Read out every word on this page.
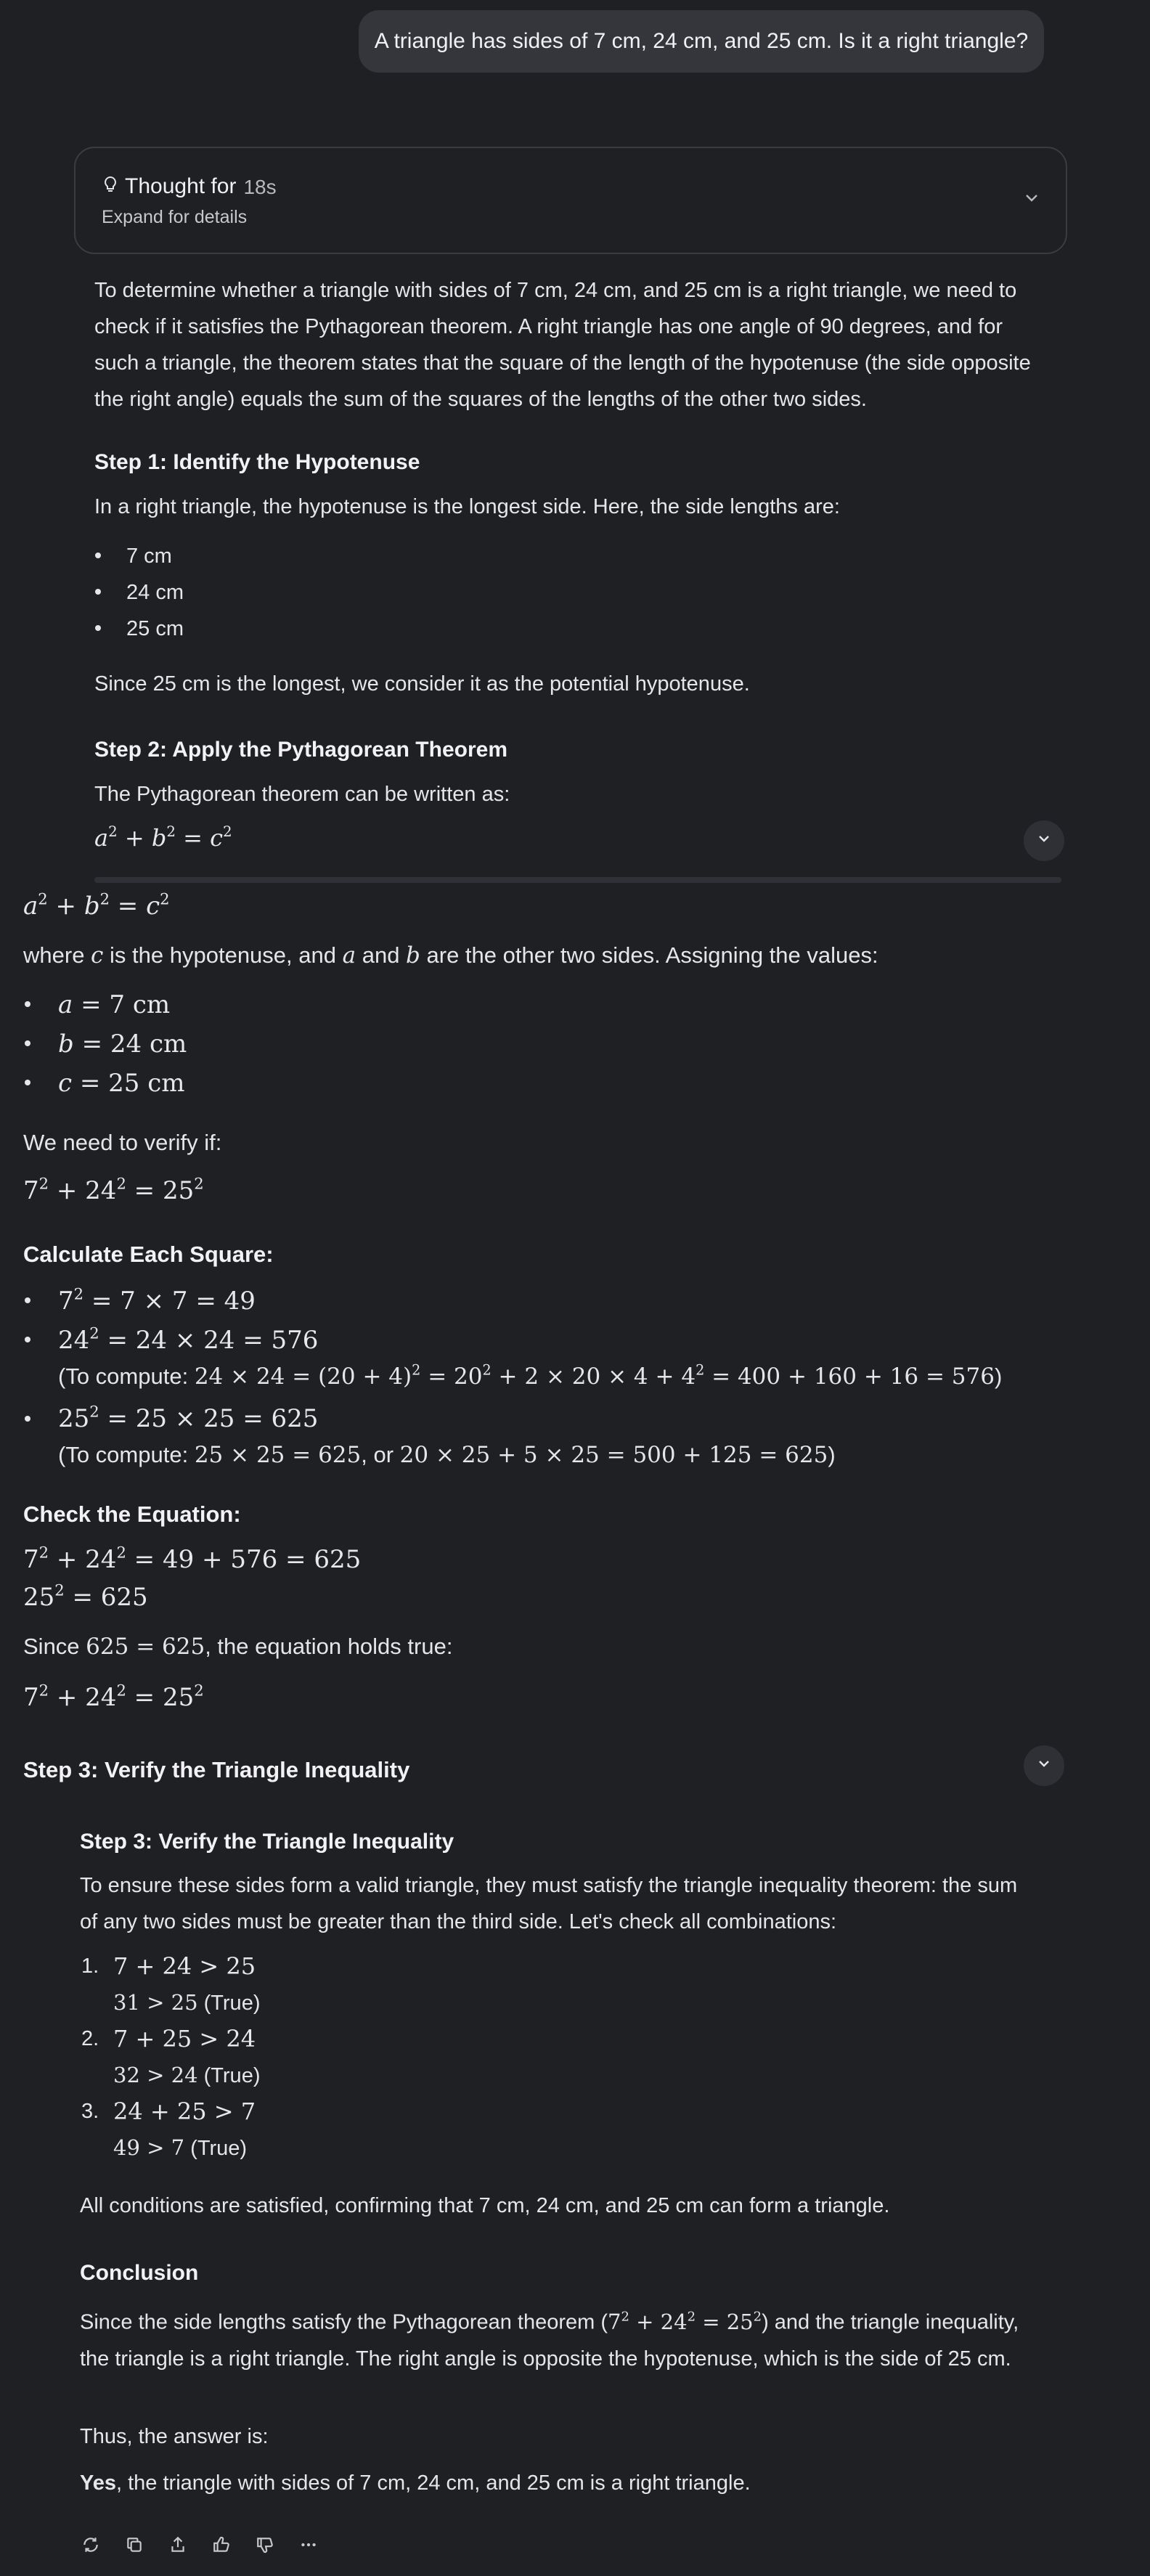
A triangle has sides of 7 cm, 24 cm, and 25 cm. Is it a right triangle?
Thought for 18s
Expand for details
To determine whether a triangle with sides of 7 cm, 24 cm, and 25 cm is a right triangle, we need to check if it satisfies the Pythagorean theorem. A right triangle has one angle of 90 degrees, and for such a triangle, the theorem states that the square of the length of the hypotenuse (the side opposite the right angle) equals the sum of the squares of the lengths of the other two sides.
Step 1: Identify the Hypotenuse
In a right triangle, the hypotenuse is the longest side. Here, the side lengths are:
7 cm
24 cm
25 cm
Since 25 cm is the longest, we consider it as the potential hypotenuse.
Step 2: Apply the Pythagorean Theorem
The Pythagorean theorem can be written as:
$a^2 + b^2 = c^2$
$a^2 + b^2 = c^2$
where c is the hypotenuse, and a and b are the other two sides. Assigning the values:
a = 7 cm
b = 24 cm
c = 25 cm
We need to verify if:
$7^2 + 24^2 = 25^2$
Calculate Each Square:
$7^2 = 7 \times 7 = 49$
$24^2 = 24 \times 24 = 576$
(To compute: $24 \times 24 = (20 + 4)^2 = 20^2 + 2 \times 20 \times 4 + 4^2 = 400 + 160 + 16 = 576$)
$25^2 = 25 \times 25 = 625$
(To compute: 25 × 25 = 625, or 20 × 25 + 5 × 25 = 500 + 125 = 625)
Check the Equation:
$7^2 + 24^2 = 49 + 576 = 625$
$25^2 = 625$
Since 625 = 625, the equation holds true:
$7^2 + 24^2 = 25^2$
Step 3: Verify the Triangle Inequality
Step 3: Verify the Triangle Inequality
To ensure these sides form a valid triangle, they must satisfy the triangle inequality theorem: the sum of any two sides must be greater than the third side. Let's check all combinations:
1. 7 + 24 > 25
31 > 25 (True)
2. 7 + 25 > 24
32 > 24 (True)
3. 24 + 25 > 7
49 > 7 (True)
All conditions are satisfied, confirming that 7 cm, 24 cm, and 25 cm can form a triangle.
Conclusion
Since the side lengths satisfy the Pythagorean theorem $(7^2 + 24^2 = 25^2)$ and the triangle inequality, the triangle is a right triangle. The right angle is opposite the hypotenuse, which is the side of 25 cm.
Thus, the answer is:
Yes, the triangle with sides of 7 cm, 24 cm, and 25 cm is a right triangle.
